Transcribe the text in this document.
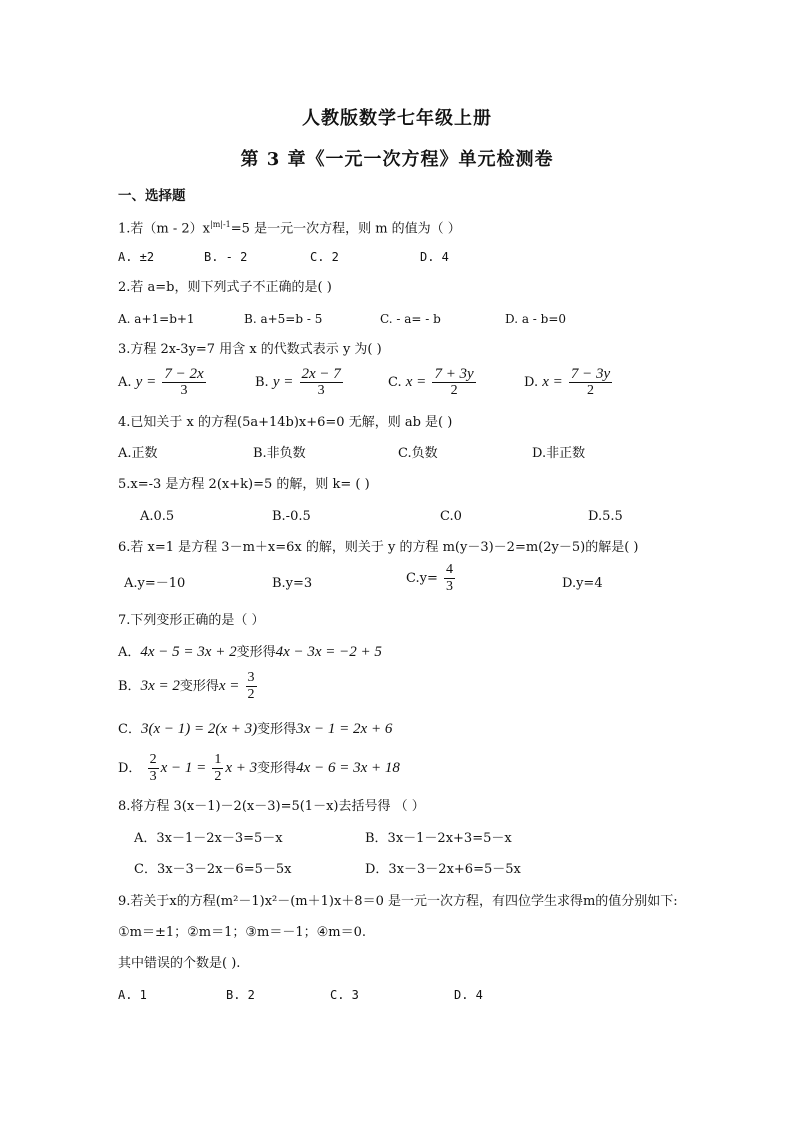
人教版数学七年级上册
第 3 章《一元一次方程》单元检测卷
一、选择题
1.若$(m - 2)x^{|m|-1}=5$ 是一元一次方程，则 m 的值为（ ）
A. ±2	B. - 2	C. 2	D. 4
2.若 a=b，则下列式子不正确的是( )
A. a+1=b+1	B. a+5=b - 5	C. - a= - b	D. a - b=0
3.方程 2x-3y=7 用含 x 的代数式表示 y 为( )
A. $y = \frac{7 - 2x}{3}$	B. $y = \frac{2x - 7}{3}$	C. $x = \frac{7 + 3y}{2}$	D. $x = \frac{7 - 3y}{2}$
4.已知关于 x 的方程(5a+14b)x+6=0 无解，则 ab 是( )
A.正数	B.非负数	C.负数	D.非正数
5.x=-3 是方程 2(x+k)=5 的解，则 k= ( )
A.0.5	B.-0.5	C.0	D.5.5
6.若 x=1 是方程 3－m＋x=6x 的解，则关于 y 的方程 m(y－3)－2=m(2y－5)的解是( )
A.y=－10	B.y=3	$C.y= \frac{4}{3}$	D.y=4
7.下列变形正确的是（ ）
A．4x − 5 = 3x + 2变形得4x − 3x = −2 + 5
B．3x = 2变形得$x = \frac{3}{2}$
C．3(x − 1) = 2(x + 3)变形得3x − 1 = 2x + 6
D． $\frac{2}{3}$ $x - 1 = \frac{1}{2}$ x + 3变形得4x − 6 = 3x + 18
8.将方程 3(x－1)－2(x－3)=5(1－x)去括号得 （ ）
A．3x－1－2x－3=5－x	B．3x－1－2x+3=5－x
C．3x－3－2x－6=5－5x	D．3x－3－2x+6=5－5x
9.若关于x的方程(m²－1)x²－(m＋1)x＋8＝0 是一元一次方程，有四位学生求得m的值分别如下:
①m＝±1；②m＝1；③m＝－1；④m＝0.
其中错误的个数是( ).
A. 1	B. 2	C. 3	D. 4
